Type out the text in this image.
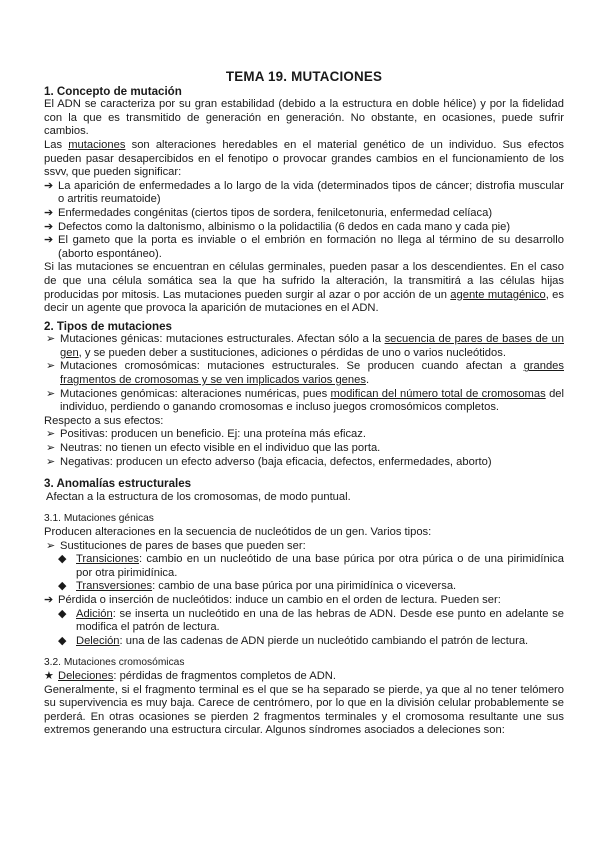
TEMA 19. MUTACIONES
1. Concepto de mutación

El ADN se caracteriza por su gran estabilidad (debido a la estructura en doble hélice) y por la fidelidad con la que es transmitido de generación en generación. No obstante, en ocasiones, puede sufrir cambios.

Las mutaciones son alteraciones heredables en el material genético de un individuo. Sus efectos pueden pasar desapercibidos en el fenotipo o provocar grandes cambios en el funcionamiento de los ssvv, que pueden significar:

➔ La aparición de enfermedades a lo largo de la vida (determinados tipos de cáncer; distrofia muscular o artritis reumatoide)
➔ Enfermedades congénitas (ciertos tipos de sordera, fenilcetonuria, enfermedad celíaca)
➔ Defectos como la daltonismo, albinismo o la polidactilia (6 dedos en cada mano y cada pie)
➔ El gameto que la porta es inviable o el embrión en formación no llega al término de su desarrollo (aborto espontáneo).

Si las mutaciones se encuentran en células germinales, pueden pasar a los descendientes. En el caso de que una célula somática sea la que ha sufrido la alteración, la transmitirá a las células hijas producidas por mitosis. Las mutaciones pueden surgir al azar o por acción de un agente mutagénico, es decir un agente que provoca la aparición de mutaciones en el ADN.

2. Tipos de mutaciones
➢ Mutaciones génicas: mutaciones estructurales. Afectan sólo a la secuencia de pares de bases de un gen, y se pueden deber a sustituciones, adiciones o pérdidas de uno o varios nucleótidos.
➢ Mutaciones cromosómicas: mutaciones estructurales. Se producen cuando afectan a grandes fragmentos de cromosomas y se ven implicados varios genes.
➢ Mutaciones genómicas: alteraciones numéricas, pues modifican del número total de cromosomas del individuo, perdiendo o ganando cromosomas e incluso juegos cromosómicos completos.

Respecto a sus efectos:

➢ Positivas: producen un beneficio. Ej: una proteína más eficaz.
➢ Neutras: no tienen un efecto visible en el individuo que las porta.
➢ Negativas: producen un efecto adverso (baja eficacia, defectos, enfermedades, aborto)
3. Anomalías estructurales

Afectan a la estructura de los cromosomas, de modo puntual.

3.1. Mutaciones génicas

Producen alteraciones en la secuencia de nucleótidos de un gen. Varios tipos:

➢ Sustituciones de pares de bases que pueden ser:
◆ Transiciones: cambio en un nucleótido de una base púrica por otra púrica o de una pirimidínica por otra pirimidínica.
◆ Transversiones: cambio de una base púrica por una pirimidínica o viceversa.
➔ Pérdida o inserción de nucleótidos: induce un cambio en el orden de lectura. Pueden ser:
◆ Adición: se inserta un nucleótido en una de las hebras de ADN. Desde ese punto en adelante se modifica el patrón de lectura.
◆ Deleción: una de las cadenas de ADN pierde un nucleótido cambiando el patrón de lectura.
3.2. Mutaciones cromosómicas
★ Deleciones: pérdidas de fragmentos completos de ADN.

Generalmente, si el fragmento terminal es el que se ha separado se pierde, ya que al no tener telómero su supervivencia es muy baja. Carece de centrómero, por lo que en la división celular probablemente se perderá. En otras ocasiones se pierden 2 fragmentos terminales y el cromosoma resultante une sus extremos generando una estructura circular. Algunos síndromes asociados a deleciones son:
